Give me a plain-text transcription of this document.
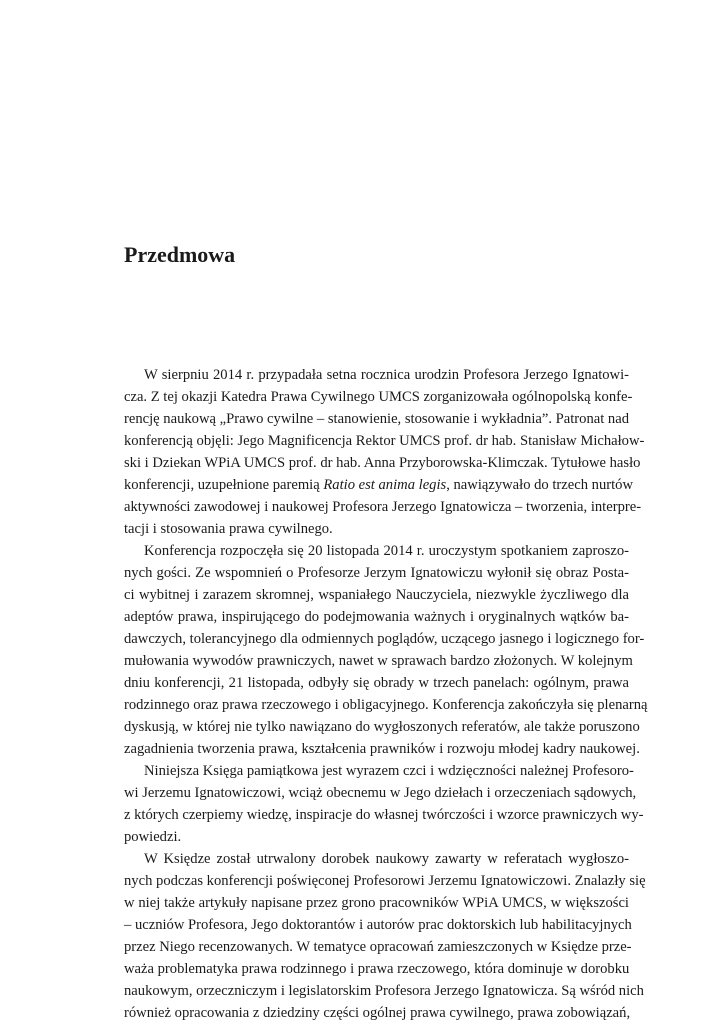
Przedmowa
W sierpniu 2014 r. przypadała setna rocznica urodzin Profesora Jerzego Ignatowi-
cza. Z tej okazji Katedra Prawa Cywilnego UMCS zorganizowała ogólnopolską konfe-
rencję naukową „Prawo cywilne – stanowienie, stosowanie i wykładnia”. Patronat nad
konferencją objęli: Jego Magnificencja Rektor UMCS prof. dr hab. Stanisław Michałow-
ski i Dziekan WPiA UMCS prof. dr hab. Anna Przyborowska-Klimczak. Tytułowe hasło
konferencji, uzupełnione paremią Ratio est anima legis, nawiązywało do trzech nurtów
aktywności zawodowej i naukowej Profesora Jerzego Ignatowicza – tworzenia, interpre-
tacji i stosowania prawa cywilnego.
Konferencja rozpoczęła się 20 listopada 2014 r. uroczystym spotkaniem zaproszo-
nych gości. Ze wspomnień o Profesorze Jerzym Ignatowiczu wyłonił się obraz Posta-
ci wybitnej i zarazem skromnej, wspaniałego Nauczyciela, niezwykle życzliwego dla
adeptów prawa, inspirującego do podejmowania ważnych i oryginalnych wątków ba-
dawczych, tolerancyjnego dla odmiennych poglądów, uczącego jasnego i logicznego for-
mułowania wywodów prawniczych, nawet w sprawach bardzo złożonych. W kolejnym
dniu konferencji, 21 listopada, odbyły się obrady w trzech panelach: ogólnym, prawa
rodzinnego oraz prawa rzeczowego i obligacyjnego. Konferencja zakończyła się plenarną
dyskusją, w której nie tylko nawiązano do wygłoszonych referatów, ale także poruszono
zagadnienia tworzenia prawa, kształcenia prawników i rozwoju młodej kadry naukowej.
Niniejsza Księga pamiątkowa jest wyrazem czci i wdzięczności należnej Profesoro-
wi Jerzemu Ignatowiczowi, wciąż obecnemu w Jego dziełach i orzeczeniach sądowych,
z których czerpiemy wiedzę, inspiracje do własnej twórczości i wzorce prawniczych wy-
powiedzi.
W Księdze został utrwalony dorobek naukowy zawarty w referatach wygłoszo-
nych podczas konferencji poświęconej Profesorowi Jerzemu Ignatowiczowi. Znalazły się
w niej także artykuły napisane przez grono pracowników WPiA UMCS, w większości
– uczniów Profesora, Jego doktorantów i autorów prac doktorskich lub habilitacyjnych
przez Niego recenzowanych. W tematyce opracowań zamieszczonych w Księdze prze-
waża problematyka prawa rodzinnego i prawa rzeczowego, która dominuje w dorobku
naukowym, orzeczniczym i legislatorskim Profesora Jerzego Ignatowicza. Są wśród nich
również opracowania z dziedziny części ogólnej prawa cywilnego, prawa zobowiązań,
